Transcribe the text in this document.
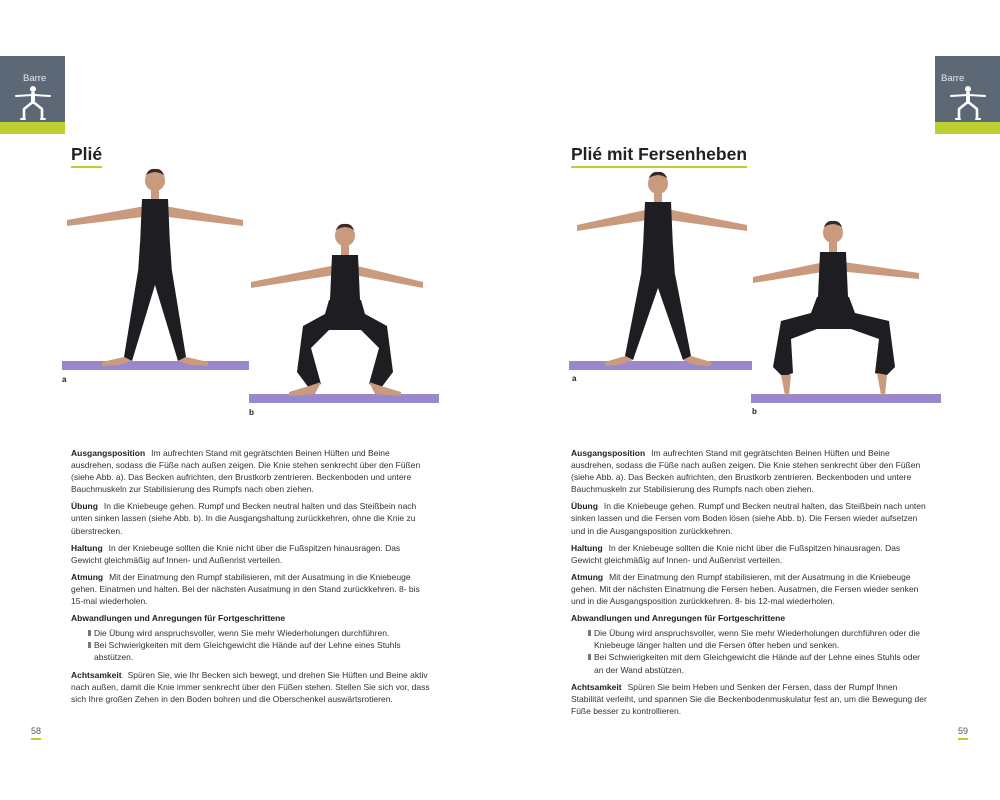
Barre
Plié
a
b

Ausgangsposition Im aufrechten Stand mit gegrätschten Beinen Hüften und Beine ausdrehen, sodass die Füße nach außen zeigen. Die Knie stehen senkrecht über den Füßen (siehe Abb. a). Das Becken aufrichten, den Brustkorb zentrieren. Beckenboden und untere Bauchmuskeln zur Stabilisierung des Rumpfs nach oben ziehen.

Übung In die Kniebeuge gehen. Rumpf und Becken neutral halten und das Steißbein nach unten sinken lassen (siehe Abb. b). In die Ausgangshaltung zurückkehren, ohne die Knie zu überstrecken.

Haltung In der Kniebeuge sollten die Knie nicht über die Fußspitzen hinausragen. Das Gewicht gleichmäßig auf Innen- und Außenrist verteilen.

Atmung Mit der Einatmung den Rumpf stabilisieren, mit der Ausatmung in die Kniebeuge gehen. Einatmen und halten. Bei der nächsten Ausatmung in den Stand zurückkehren. 8- bis 15-mal wiederholen.

Abwandlungen und Anregungen für Fortgeschrittene
Die Übung wird anspruchsvoller, wenn Sie mehr Wiederholungen durchführen.
Bei Schwierigkeiten mit dem Gleichgewicht die Hände auf der Lehne eines Stuhls abstützen.

Achtsamkeit Spüren Sie, wie Ihr Becken sich bewegt, und drehen Sie Hüften und Beine aktiv nach außen, damit die Knie immer senkrecht über den Füßen stehen. Stellen Sie sich vor, dass sich Ihre großen Zehen in den Boden bohren und die Oberschenkel auswärtsrotieren.

58
Barre
Plié mit Fersenheben
a
b

Ausgangsposition Im aufrechten Stand mit gegrätschten Beinen Hüften und Beine ausdrehen, sodass die Füße nach außen zeigen. Die Knie stehen senkrecht über den Füßen (siehe Abb. a). Das Becken aufrichten, den Brustkorb zentrieren. Beckenboden und untere Bauchmuskeln zur Stabilisierung des Rumpfs nach oben ziehen.

Übung In die Kniebeuge gehen. Rumpf und Becken neutral halten, das Steißbein nach unten sinken lassen und die Fersen vom Boden lösen (siehe Abb. b). Die Fersen wieder aufsetzen und in die Ausgangsposition zurückkehren.

Haltung In der Kniebeuge sollten die Knie nicht über die Fußspitzen hinausragen. Das Gewicht gleichmäßig auf Innen- und Außenrist verteilen.

Atmung Mit der Einatmung den Rumpf stabilisieren, mit der Ausatmung in die Kniebeuge gehen. Mit der nächsten Einatmung die Fersen heben. Ausatmen, die Fersen wieder senken und in die Ausgangsposition zurückkehren. 8- bis 12-mal wiederholen.

Abwandlungen und Anregungen für Fortgeschrittene
Die Übung wird anspruchsvoller, wenn Sie mehr Wiederholungen durchführen oder die Kniebeuge länger halten und die Fersen öfter heben und senken.
Bei Schwierigkeiten mit dem Gleichgewicht die Hände auf der Lehne eines Stuhls oder an der Wand abstützen.

Achtsamkeit Spüren Sie beim Heben und Senken der Fersen, dass der Rumpf Ihnen Stabilität verleiht, und spannen Sie die Beckenbodenmuskulatur fest an, um die Bewegung der Füße besser zu kontrollieren.

59
